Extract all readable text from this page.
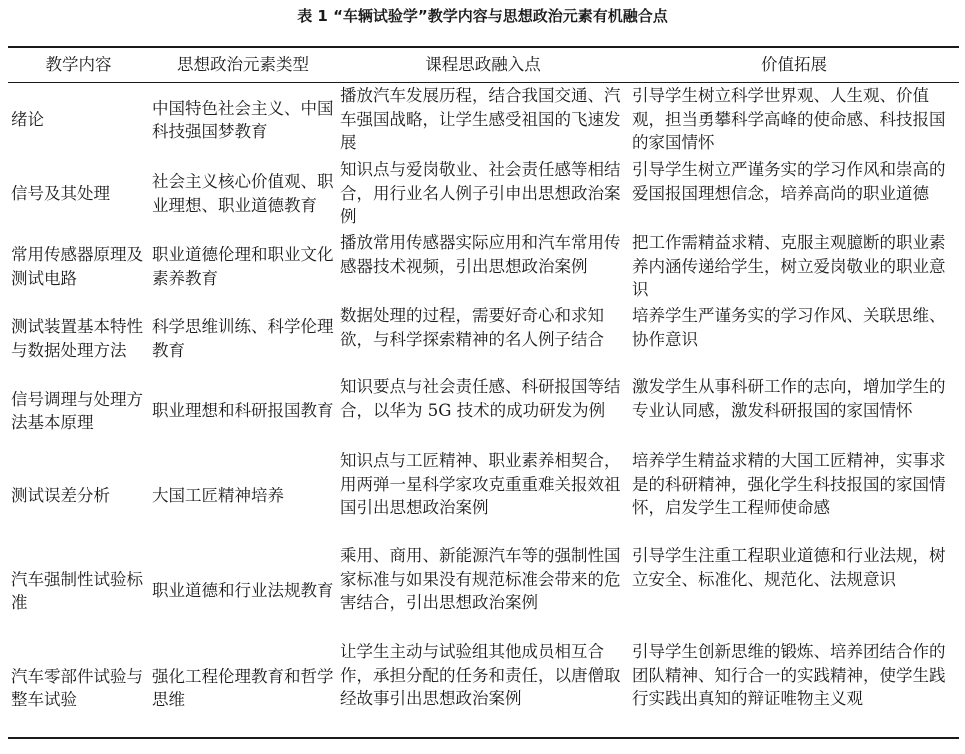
表 1 “车辆试验学”教学内容与思想政治元素有机融合点
教学内容	思想政治元素类型	课程思政融入点	价值拓展
绪论	中国特色社会主义、中国科技强国梦教育	播放汽车发展历程，结合我国交通、汽车强国战略，让学生感受祖国的飞速发展	引导学生树立科学世界观、人生观、价值观，担当勇攀科学高峰的使命感、科技报国的家国情怀
信号及其处理	社会主义核心价值观、职业理想、职业道德教育	知识点与爱岗敬业、社会责任感等相结合，用行业名人例子引申出思想政治案例	引导学生树立严谨务实的学习作风和崇高的爱国报国理想信念，培养高尚的职业道德
常用传感器原理及测试电路	职业道德伦理和职业文化素养教育	播放常用传感器实际应用和汽车常用传感器技术视频，引出思想政治案例	把工作需精益求精、克服主观臆断的职业素养内涵传递给学生，树立爱岗敬业的职业意识
测试装置基本特性与数据处理方法	科学思维训练、科学伦理教育	数据处理的过程，需要好奇心和求知欲，与科学探索精神的名人例子结合	培养学生严谨务实的学习作风、关联思维、协作意识
信号调理与处理方法基本原理	职业理想和科研报国教育	知识要点与社会责任感、科研报国等结合，以华为 5G 技术的成功研发为例	激发学生从事科研工作的志向，增加学生的专业认同感，激发科研报国的家国情怀
测试误差分析	大国工匠精神培养	知识点与工匠精神、职业素养相契合，用两弹一星科学家攻克重重难关报效祖国引出思想政治案例	培养学生精益求精的大国工匠精神，实事求是的科研精神，强化学生科技报国的家国情怀，启发学生工程师使命感
汽车强制性试验标准	职业道德和行业法规教育	乘用、商用、新能源汽车等的强制性国家标准与如果没有规范标准会带来的危害结合，引出思想政治案例	引导学生注重工程职业道德和行业法规，树立安全、标准化、规范化、法规意识
汽车零部件试验与整车试验	强化工程伦理教育和哲学思维	让学生主动与试验组其他成员相互合作，承担分配的任务和责任，以唐僧取经故事引出思想政治案例	引导学生创新思维的锻炼、培养团结合作的团队精神、知行合一的实践精神，使学生践行实践出真知的辩证唯物主义观
